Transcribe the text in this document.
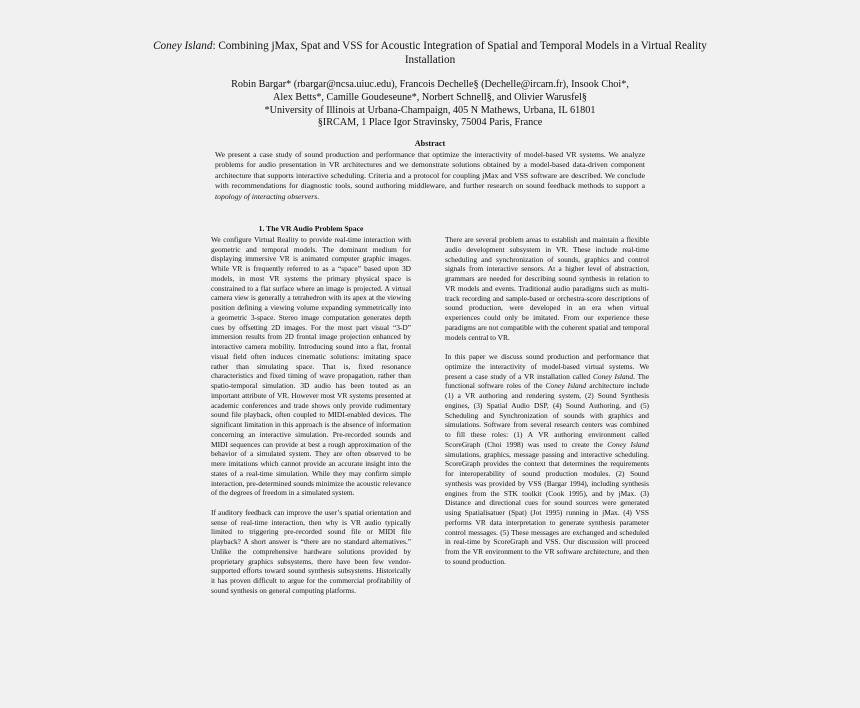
Coney Island: Combining jMax, Spat and VSS for Acoustic Integration of Spatial and Temporal Models in a Virtual Reality Installation
Robin Bargar* (rbargar@ncsa.uiuc.edu), Francois Dechelle§ (Dechelle@ircam.fr), Insook Choi*,
Alex Betts*, Camille Goudeseune*, Norbert Schnell§, and Olivier Warusfel§
*University of Illinois at Urbana-Champaign, 405 N Mathews, Urbana, IL 61801
§IRCAM, 1 Place Igor Stravinsky, 75004 Paris, France
Abstract
We present a case study of sound production and performance that optimize the interactivity of model-based VR systems. We analyze problems for audio presentation in VR architectures and we demonstrate solutions obtained by a model-based data-driven component architecture that supports interactive scheduling. Criteria and a protocol for coupling jMax and VSS software are described. We conclude with recommendations for diagnostic tools, sound authoring middleware, and further research on sound feedback methods to support a topology of interacting observers.
1. The VR Audio Problem Space

We configure Virtual Reality to provide real-time interaction with geometric and temporal models. The dominant medium for displaying immersive VR is animated computer graphic images. While VR is frequently referred to as a “space” based upon 3D models, in most VR systems the primary physical space is constrained to a flat surface where an image is projected. A virtual camera view is generally a tetrahedron with its apex at the viewing position defining a viewing volume expanding symmetrically into a geometric 3-space. Stereo image computation generates depth cues by offsetting 2D images. For the most part visual “3-D” immersion results from 2D frontal image projection enhanced by interactive camera mobility. Introducing sound into a flat, frontal visual field often induces cinematic solutions: imitating space rather than simulating space. That is, fixed resonance characteristics and fixed timing of wave propagation, rather than spatio-temporal simulation. 3D audio has been touted as an important attribute of VR. However most VR systems presented at academic conferences and trade shows only provide rudimentary sound file playback, often coupled to MIDI-enabled devices. The significant limitation in this approach is the absence of information concerning an interactive simulation. Pre-recorded sounds and MIDI sequences can provide at best a rough approximation of the behavior of a simulated system. They are often observed to be mere imitations which cannot provide an accurate insight into the states of a real-time simulation. While they may confirm simple interaction, pre-determined sounds minimize the acoustic relevance of the degrees of freedom in a simulated system.

If auditory feedback can improve the user’s spatial orientation and sense of real-time interaction, then why is VR audio typically limited to triggering pre-recorded sound file or MIDI file playback? A short answer is “there are no standard alternatives.” Unlike the comprehensive hardware solutions provided by proprietary graphics subsystems, there have been few vendor-supported efforts toward sound synthesis subsystems. Historically it has proven difficult to argue for the commercial profitability of sound synthesis on general computing platforms.

There are several problem areas to establish and maintain a flexible audio development subsystem in VR. These include real-time scheduling and synchronization of sounds, graphics and control signals from interactive sensors. At a higher level of abstraction, grammars are needed for describing sound synthesis in relation to VR models and events. Traditional audio paradigms such as multi-track recording and sample-based or orchestra-score descriptions of sound production, were developed in an era when virtual experiences could only be imitated. From our experience these paradigms are not compatible with the coherent spatial and temporal models central to VR.

In this paper we discuss sound production and performance that optimize the interactivity of model-based virtual systems. We present a case study of a VR installation called Coney Island. The functional software roles of the Coney Island architecture include (1) a VR authoring and rendering system, (2) Sound Synthesis engines, (3) Spatial Audio DSP, (4) Sound Authoring, and (5) Scheduling and Synchronization of sounds with graphics and simulations. Software from several research centers was combined to fill these roles: (1) A VR authoring environment called ScoreGraph (Choi 1998) was used to create the Coney Island simulations, graphics, message passing and interactive scheduling. ScoreGraph provides the context that determines the requirements for interoperability of sound production modules. (2) Sound synthesis was provided by VSS (Bargar 1994), including synthesis engines from the STK toolkit (Cook 1995), and by jMax. (3) Distance and directional cues for sound sources were generated using Spatialisatuer (Spat) (Jot 1995) running in jMax. (4) VSS performs VR data interpretation to generate synthesis parameter control messages. (5) These messages are exchanged and scheduled in real-time by ScoreGraph and VSS. Our discussion will proceed from the VR environment to the VR software architecture, and then to sound production.
